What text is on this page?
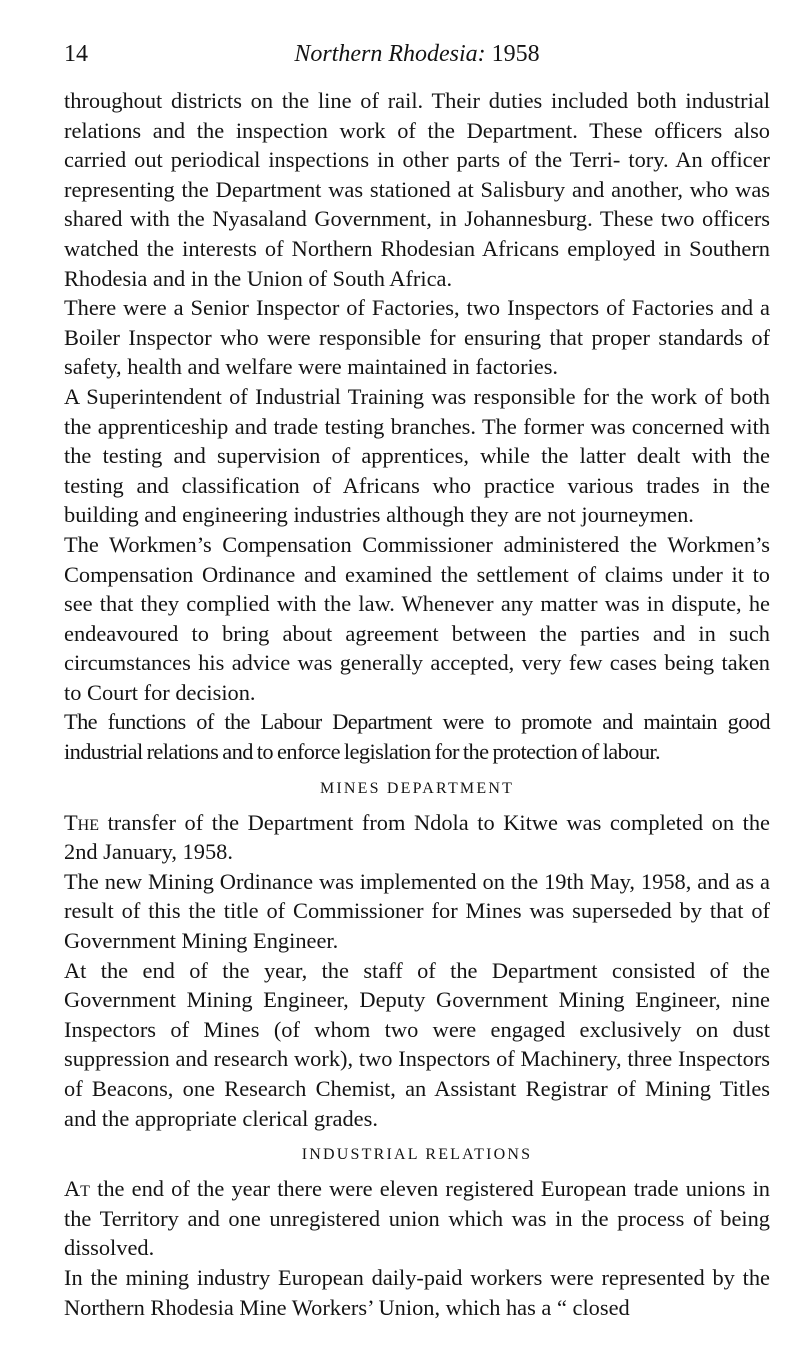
14	Northern Rhodesia: 1958

throughout districts on the line of rail. Their duties included both industrial relations and the inspection work of the Department. These officers also carried out periodical inspections in other parts of the Terri- tory. An officer representing the Department was stationed at Salisbury and another, who was shared with the Nyasaland Government, in Johannesburg. These two officers watched the interests of Northern Rhodesian Africans employed in Southern Rhodesia and in the Union of South Africa.

There were a Senior Inspector of Factories, two Inspectors of Factories and a Boiler Inspector who were responsible for ensuring that proper standards of safety, health and welfare were maintained in factories.

A Superintendent of Industrial Training was responsible for the work of both the apprenticeship and trade testing branches. The former was concerned with the testing and supervision of apprentices, while the latter dealt with the testing and classification of Africans who practice various trades in the building and engineering industries although they are not journeymen.

The Workmen’s Compensation Commissioner administered the Workmen’s Compensation Ordinance and examined the settlement of claims under it to see that they complied with the law. Whenever any matter was in dispute, he endeavoured to bring about agreement between the parties and in such circumstances his advice was generally accepted, very few cases being taken to Court for decision.

The functions of the Labour Department were to promote and maintain good industrial relations and to enforce legislation for the protection of labour.

MINES DEPARTMENT

The transfer of the Department from Ndola to Kitwe was completed on the 2nd January, 1958.

The new Mining Ordinance was implemented on the 19th May, 1958, and as a result of this the title of Commissioner for Mines was superseded by that of Government Mining Engineer.

At the end of the year, the staff of the Department consisted of the Government Mining Engineer, Deputy Government Mining Engineer, nine Inspectors of Mines (of whom two were engaged exclusively on dust suppression and research work), two Inspectors of Machinery, three Inspectors of Beacons, one Research Chemist, an Assistant Registrar of Mining Titles and the appropriate clerical grades.

INDUSTRIAL RELATIONS

At the end of the year there were eleven registered European trade unions in the Territory and one unregistered union which was in the process of being dissolved.

In the mining industry European daily-paid workers were represented by the Northern Rhodesia Mine Workers’ Union, which has a “ closed
